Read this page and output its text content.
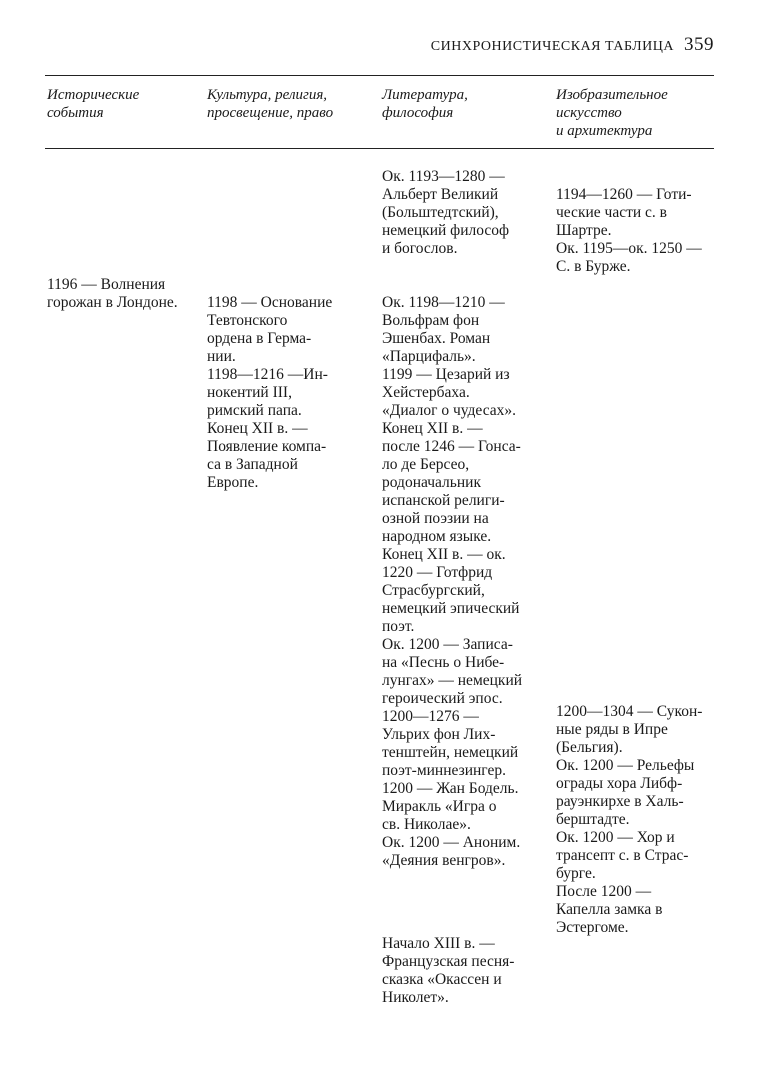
СИНХРОНИСТИЧЕСКАЯ ТАБЛИЦА 359
Исторические
события
Культура, религия,
просвещение, право
Литература,
философия
Изобразительное
искусство
и архитектура
Ок. 1193—1280 —
Альберт Великий
(Больштедтский),
немецкий философ
и богослов.
1194—1260 — Готи-
ческие части с. в
Шартре.
Ок. 1195—ок. 1250 —
С. в Бурже.
1196 — Волнения
горожан в Лондоне. 1198 — Основание
Тевтонского
ордена в Герма-
нии.
1198—1216 —Ин-
нокентий III,
римский папа.
Конец XII в. —
Появление компа-
са в Западной
Европе.
Ок. 1198—1210 —
Вольфрам фон
Эшенбах. Роман
«Парцифаль».
1199 — Цезарий из
Хейстербаха.
«Диалог о чудесах».
Конец XII в. —
после 1246 — Гонса-
ло де Берсео,
родоначальник
испанской религи-
озной поэзии на
народном языке.
Конец XII в. — ок.
1220 — Готфрид
Страсбургский,
немецкий эпический
поэт.
Ок. 1200 — Записа-
на «Песнь о Нибе-
лунгах» — немецкий
героический эпос.
1200—1276 —
Ульрих фон Лих-
тенштейн, немецкий
поэт-миннезингер.
1200 — Жан Бодель.
Миракль «Игра о
св. Николае».
Ок. 1200 — Аноним.
«Деяния венгров».
1200—1304 — Сукон-
ные ряды в Ипре
(Бельгия).
Ок. 1200 — Рельефы
ограды хора Либф-
рауэнкирхе в Халь-
берштадте.
Ок. 1200 — Хор и
трансепт с. в Страс-
бурге.
После 1200 —
Капелла замка в
Эстергоме.
Начало XIII в. —
Французская песня-
сказка «Окассен и
Николет».
